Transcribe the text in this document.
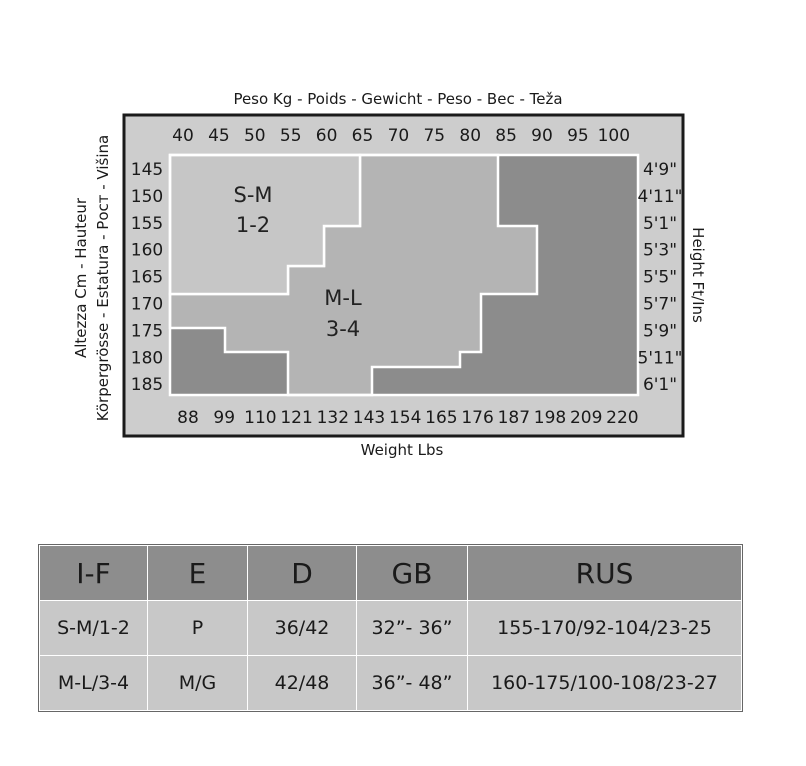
Peso Kg - Poids - Gewicht - Peso - Bec - Teža
S-M
1-2
M-L
3-4
40 45 50 55 60 65 70 75 80 85 90 95 100
88 99 110 121 132 143 154 165 176 187 198 209 220
145
150
155
160
165
170
175
180
185
4'9"
4'11"
5'1"
5'3"
5'5"
5'7"
5'9"
5'11"
6'1"
Weight Lbs
Altezza Cm - Hauteur Körpergrösse - Estatura - Рост - Višina	Height Ft/Ins
I-F	E	D	GB	RUS
S-M/1-2	P	36/42	32”- 36”	155-170/92-104/23-25
M-L/3-4	M/G	42/48	36”- 48”	160-175/100-108/23-27
